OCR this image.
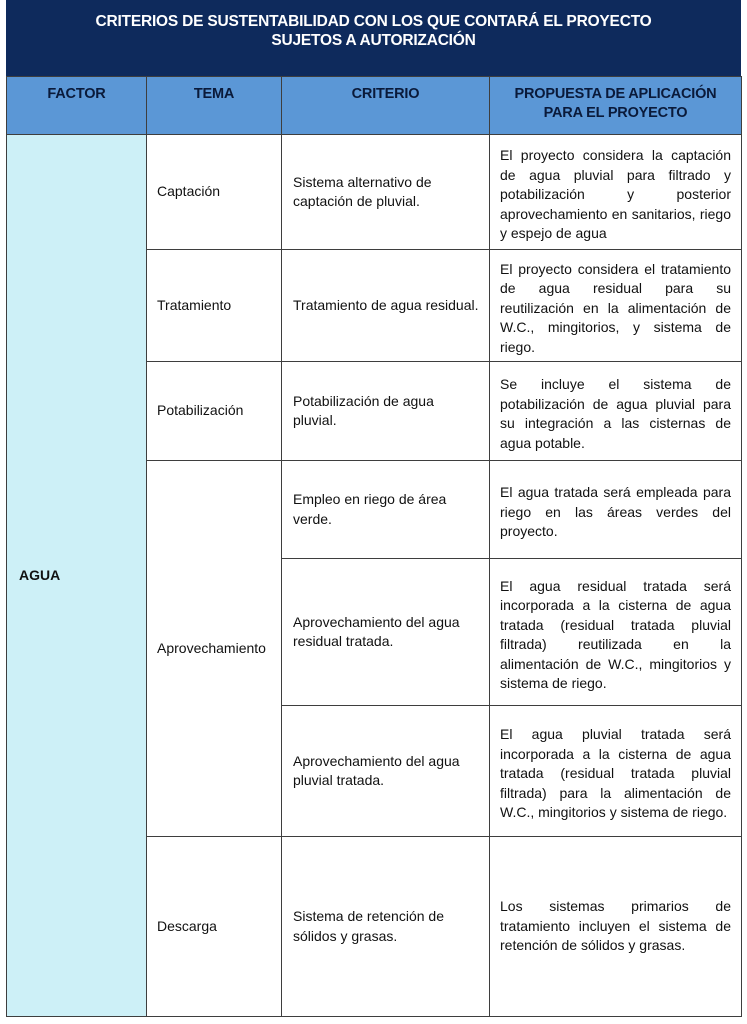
CRITERIOS DE SUSTENTABILIDAD CON LOS QUE CONTARÁ EL PROYECTO
SUJETOS A AUTORIZACIÓN
FACTOR	TEMA	CRITERIO	PROPUESTA DE APLICACIÓN
PARA EL PROYECTO
AGUA	Captación	Sistema alternativo de captación de pluvial.	El proyecto considera la captación de agua pluvial para filtrado y potabilización y posterior aprovechamiento en sanitarios, riego y espejo de agua
	Tratamiento	Tratamiento de agua residual.	El proyecto considera el tratamiento de agua residual para su reutilización en la alimentación de W.C., mingitorios, y sistema de riego.
	Potabilización	Potabilización de agua pluvial.	Se incluye el sistema de potabilización de agua pluvial para su integración a las cisternas de agua potable.
	Aprovechamiento	Empleo en riego de área verde.	El agua tratada será empleada para riego en las áreas verdes del proyecto.
		Aprovechamiento del agua residual tratada.	El agua residual tratada será incorporada a la cisterna de agua tratada (residual tratada pluvial filtrada) reutilizada en la alimentación de W.C., mingitorios y sistema de riego.
		Aprovechamiento del agua pluvial tratada.	El agua pluvial tratada será incorporada a la cisterna de agua tratada (residual tratada pluvial filtrada) para la alimentación de W.C., mingitorios y sistema de riego.
	Descarga	Sistema de retención de sólidos y grasas.	Los sistemas primarios de tratamiento incluyen el sistema de retención de sólidos y grasas.
